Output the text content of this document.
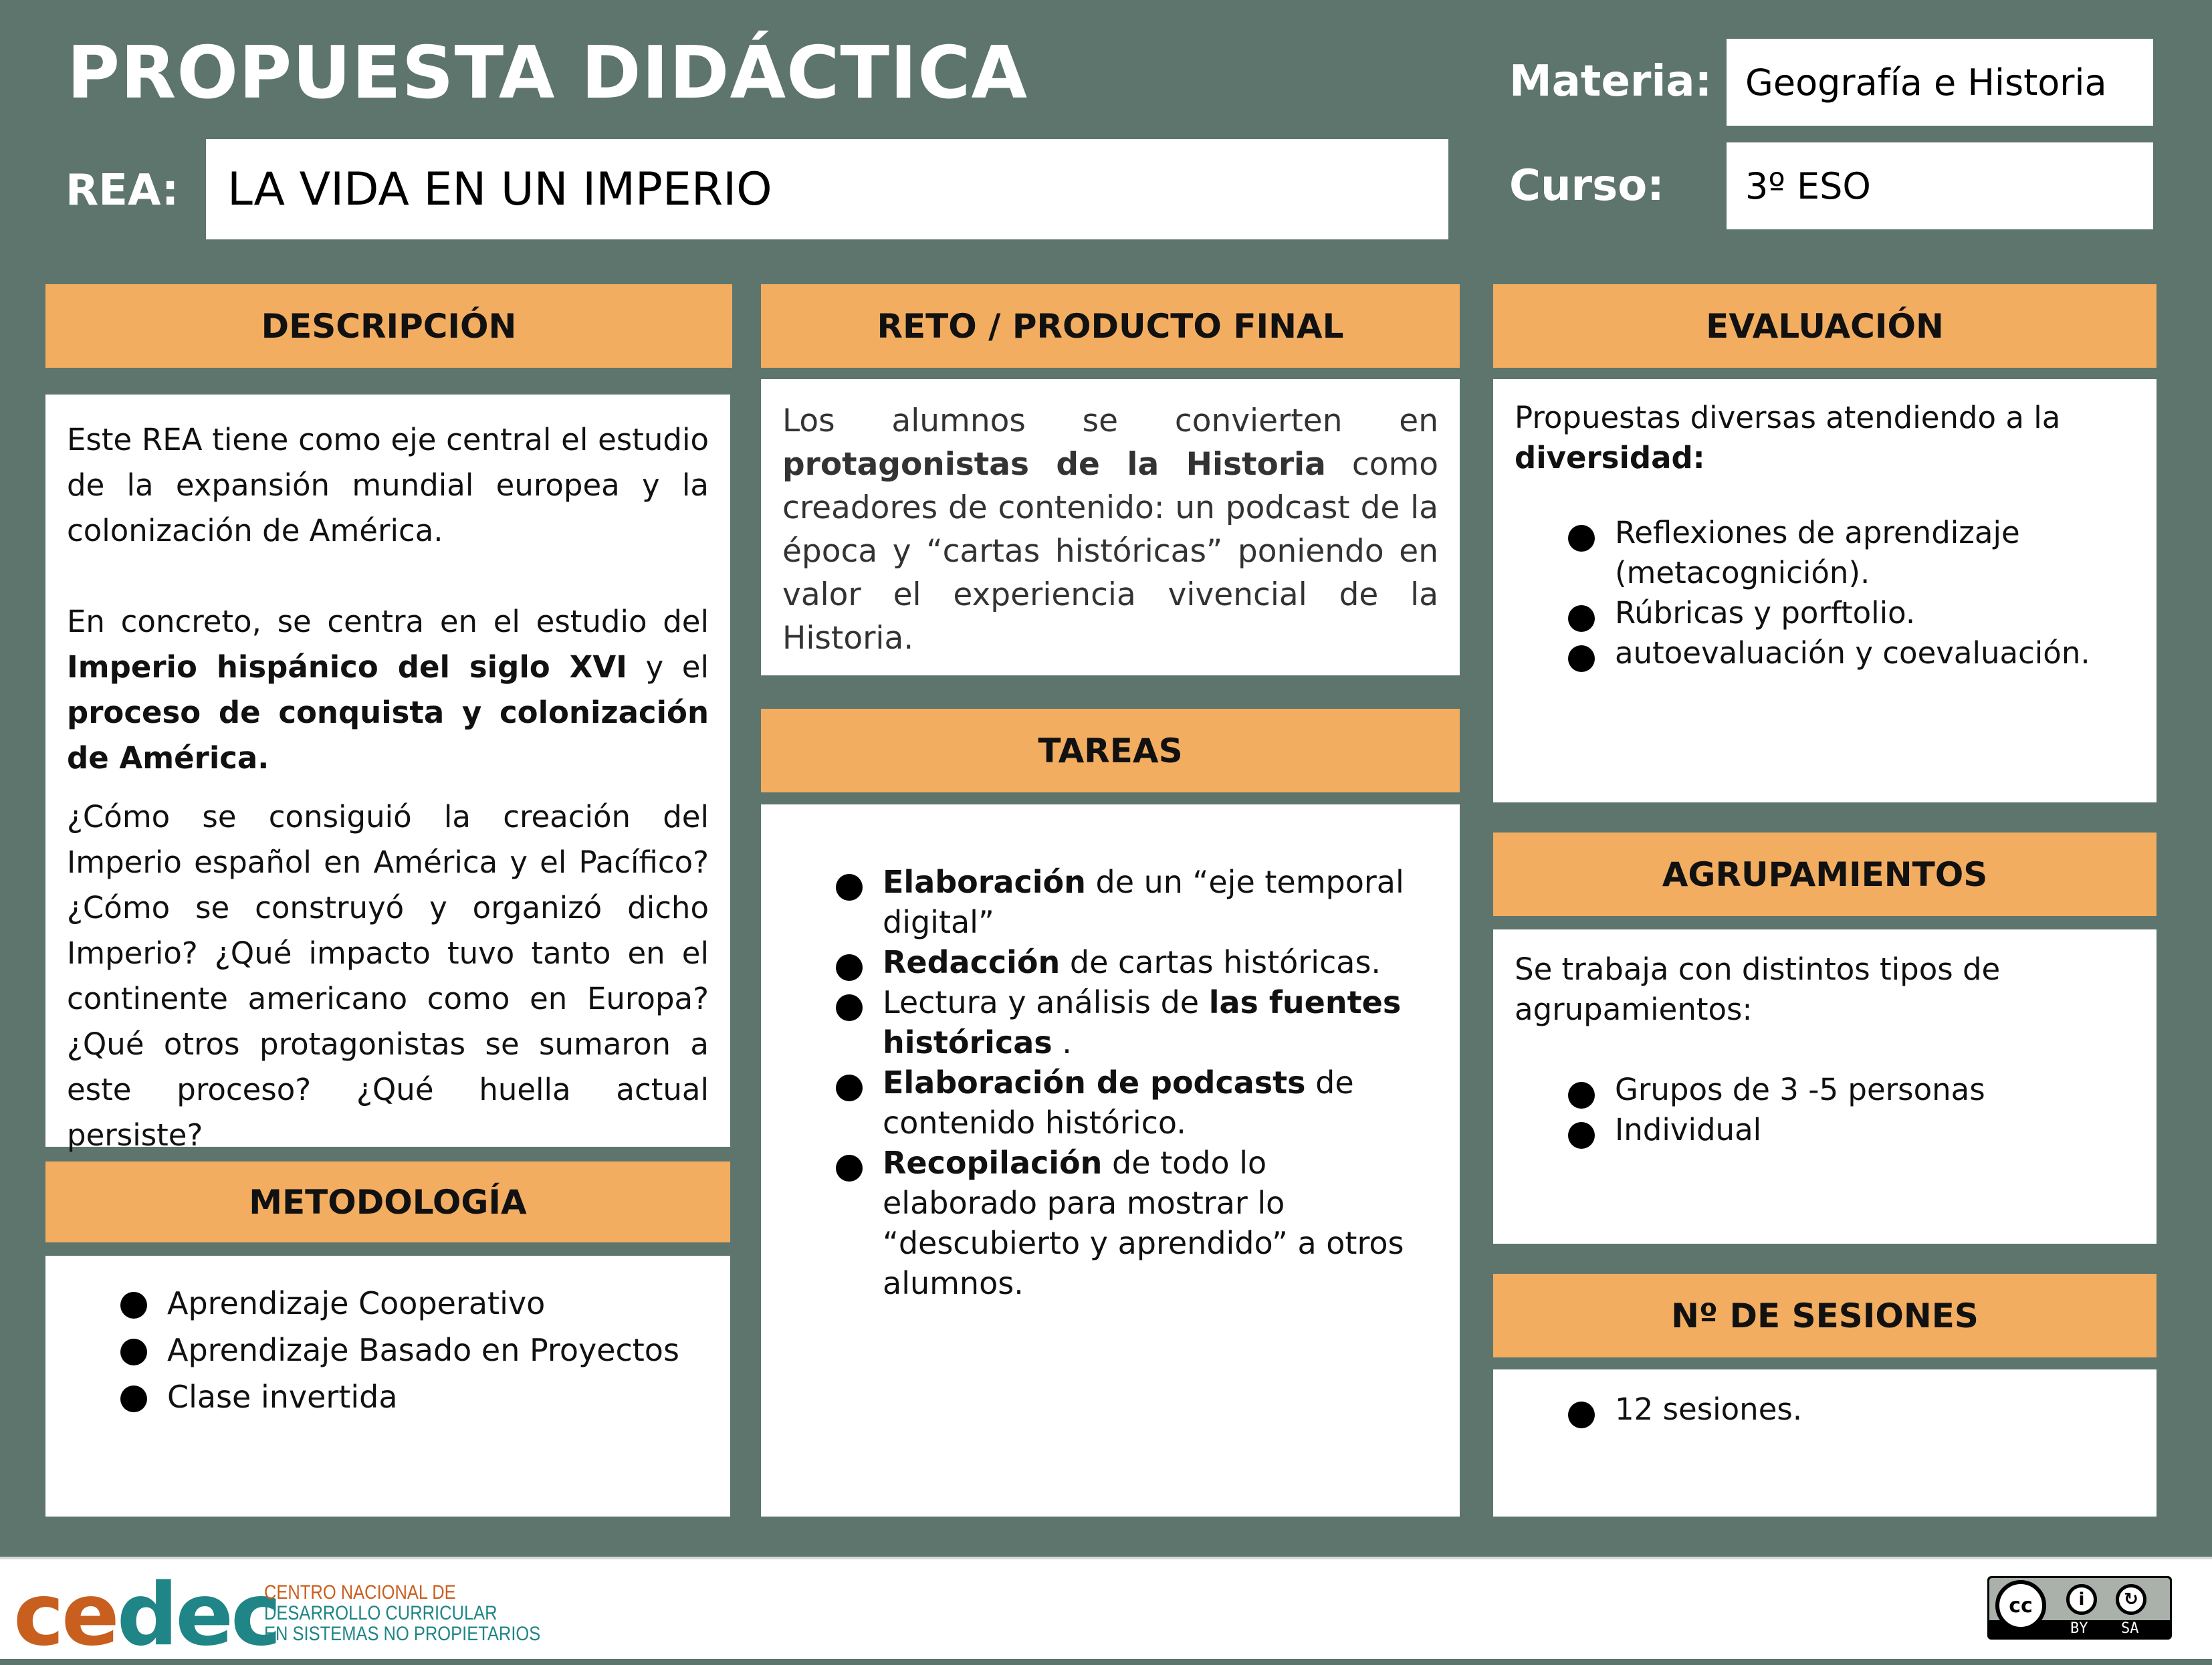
PROPUESTA DIDÁCTICA
REA:	LA VIDA EN UN IMPERIO
Materia: Geografía e Historia
Curso:	3º ESO
DESCRIPCIÓN

Este REA tiene como eje central el estudio de la expansión mundial europea y la colonización de América.

En concreto, se centra en el estudio del Imperio hispánico del siglo XVI y el proceso de conquista y colonización de América.

¿Cómo se consiguió la creación del Imperio español en América y el Pacífico? ¿Cómo se construyó y organizó dicho Imperio? ¿Qué impacto tuvo tanto en el continente americano como en Europa? ¿Qué otros protagonistas se sumaron a este proceso? ¿Qué huella actual persiste?

METODOLOGÍA
Aprendizaje Cooperativo
Aprendizaje Basado en Proyectos
Clase invertida
RETO / PRODUCTO FINAL
Los alumnos se convierten en protagonistas de la Historia como creadores de contenido: un podcast de la época y “cartas históricas” poniendo en valor el experiencia vivencial de la Historia.
TAREAS
Elaboración de un “eje temporal digital”
Redacción de cartas históricas.
Lectura y análisis de las fuentes históricas .
Elaboración de podcasts de contenido histórico.
Recopilación de todo lo elaborado para mostrar lo “descubierto y aprendido” a otros alumnos.
EVALUACIÓN

Propuestas diversas atendiendo a la diversidad:

Reflexiones de aprendizaje (metacognición).
Rúbricas y porftolio.
autoevaluación y coevaluación.
AGRUPAMIENTOS

Se trabaja con distintos tipos de agrupamientos:

Grupos de 3 -5 personas
Individual
Nº DE SESIONES
12 sesiones.
cedec
CENTRO NACIONAL DE
DESARROLLO CURRICULAR
EN SISTEMAS NO PROPIETARIOS
cc	i	↻
BY SA
